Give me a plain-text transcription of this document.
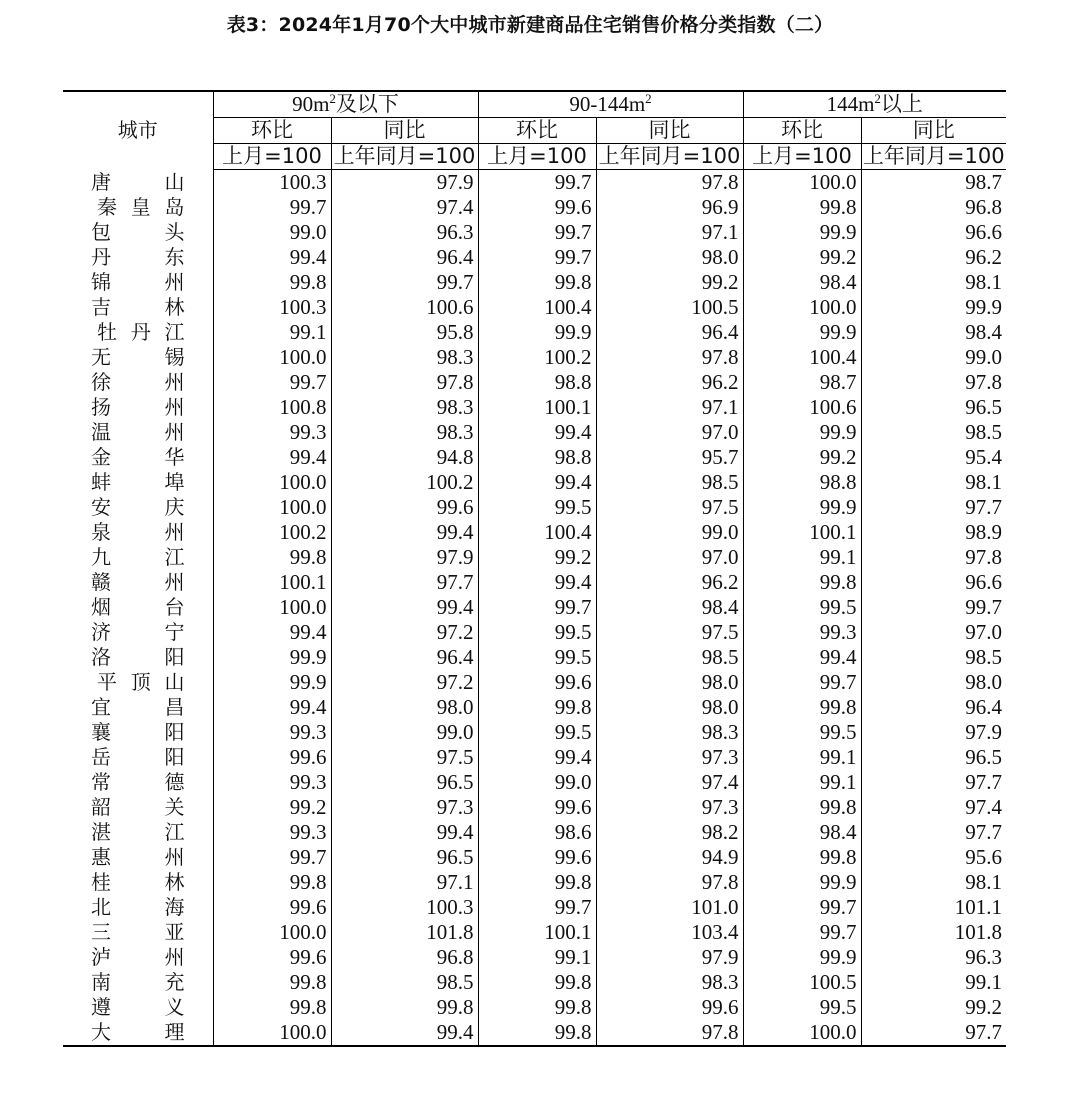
表3：2024年1月70个大中城市新建商品住宅销售价格分类指数（二）
城市	$90m^2$及以下		$90-144m^2$		$144m^2$以上	
	环比	同比	环比	同比	环比	同比
	上月=100	上年同月=100	上月=100	上年同月=100	上月=100	上年同月=100
唐山	100.3	97.9	99.7	97.8	100.0	98.7
秦皇岛	99.7	97.4	99.6	96.9	99.8	96.8
包头	99.0	96.3	99.7	97.1	99.9	96.6
丹东	99.4	96.4	99.7	98.0	99.2	96.2
锦州	99.8	99.7	99.8	99.2	98.4	98.1
吉林	100.3	100.6	100.4	100.5	100.0	99.9
牡丹江	99.1	95.8	99.9	96.4	99.9	98.4
无锡	100.0	98.3	100.2	97.8	100.4	99.0
徐州	99.7	97.8	98.8	96.2	98.7	97.8
扬州	100.8	98.3	100.1	97.1	100.6	96.5
温州	99.3	98.3	99.4	97.0	99.9	98.5
金华	99.4	94.8	98.8	95.7	99.2	95.4
蚌埠	100.0	100.2	99.4	98.5	98.8	98.1
安庆	100.0	99.6	99.5	97.5	99.9	97.7
泉州	100.2	99.4	100.4	99.0	100.1	98.9
九江	99.8	97.9	99.2	97.0	99.1	97.8
赣州	100.1	97.7	99.4	96.2	99.8	96.6
烟台	100.0	99.4	99.7	98.4	99.5	99.7
济宁	99.4	97.2	99.5	97.5	99.3	97.0
洛阳	99.9	96.4	99.5	98.5	99.4	98.5
平顶山	99.9	97.2	99.6	98.0	99.7	98.0
宜昌	99.4	98.0	99.8	98.0	99.8	96.4
襄阳	99.3	99.0	99.5	98.3	99.5	97.9
岳阳	99.6	97.5	99.4	97.3	99.1	96.5
常德	99.3	96.5	99.0	97.4	99.1	97.7
韶关	99.2	97.3	99.6	97.3	99.8	97.4
湛江	99.3	99.4	98.6	98.2	98.4	97.7
惠州	99.7	96.5	99.6	94.9	99.8	95.6
桂林	99.8	97.1	99.8	97.8	99.9	98.1
北海	99.6	100.3	99.7	101.0	99.7	101.1
三亚	100.0	101.8	100.1	103.4	99.7	101.8
泸州	99.6	96.8	99.1	97.9	99.9	96.3
南充	99.8	98.5	99.8	98.3	100.5	99.1
遵义	99.8	99.8	99.8	99.6	99.5	99.2
大理	100.0	99.4	99.8	97.8	100.0	97.7
